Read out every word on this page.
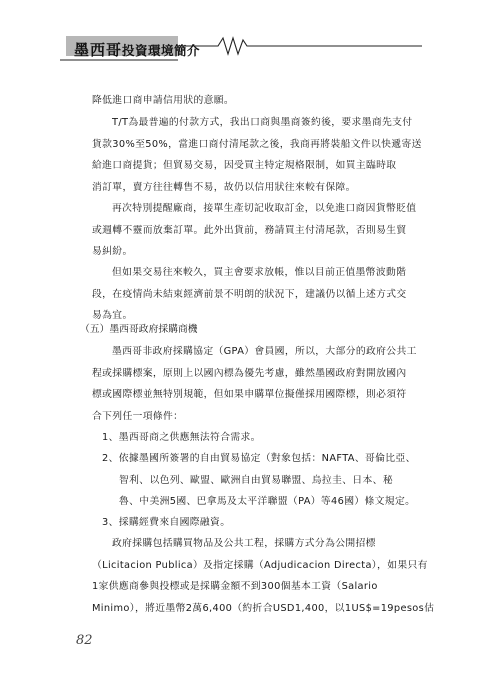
墨西哥投資環境簡介
降低進口商申請信用狀的意願。
T/T為最普遍的付款方式，我出口商與墨商簽約後，要求墨商先支付
貨款30%至50%，當進口商付清尾款之後，我商再將裝船文件以快遞寄送
給進口商提貨；但貿易交易，因受買主特定規格限制，如買主臨時取
消訂單，賣方往往轉售不易，故仍以信用狀往來較有保障。
再次特別提醒廠商，接單生產切記收取訂金，以免進口商因貨幣貶值
或週轉不靈而放棄訂單。此外出貨前，務請買主付清尾款，否則易生貿
易糾紛。
但如果交易往來較久，買主會要求放帳，惟以目前正值墨幣波動階
段，在疫情尚未結束經濟前景不明朗的狀況下，建議仍以循上述方式交
易為宜。
（五）墨西哥政府採購商機
墨西哥非政府採購協定（GPA）會員國，所以，大部分的政府公共工
程或採購標案，原則上以國內標為優先考慮，雖然墨國政府對開放國內
標或國際標並無特別規範，但如果申購單位擬僅採用國際標，則必須符
合下列任一項條件：
1、墨西哥商之供應無法符合需求。
2、依據墨國所簽署的自由貿易協定（對象包括：NAFTA、哥倫比亞、
智利、以色列、歐盟、歐洲自由貿易聯盟、烏拉圭、日本、秘
魯、中美洲5國、巴拿馬及太平洋聯盟（PA）等46國）條文規定。
3、採購經費來自國際融資。
政府採購包括購買物品及公共工程，採購方式分為公開招標
（Licitacion Publica）及指定採購（Adjudicacion Directa），如果只有
1家供應商參與投標或是採購金額不到300個基本工資（Salario
Minimo），將近墨幣2萬6,400（約折合USD1,400，以1US$=19pesos估
82
